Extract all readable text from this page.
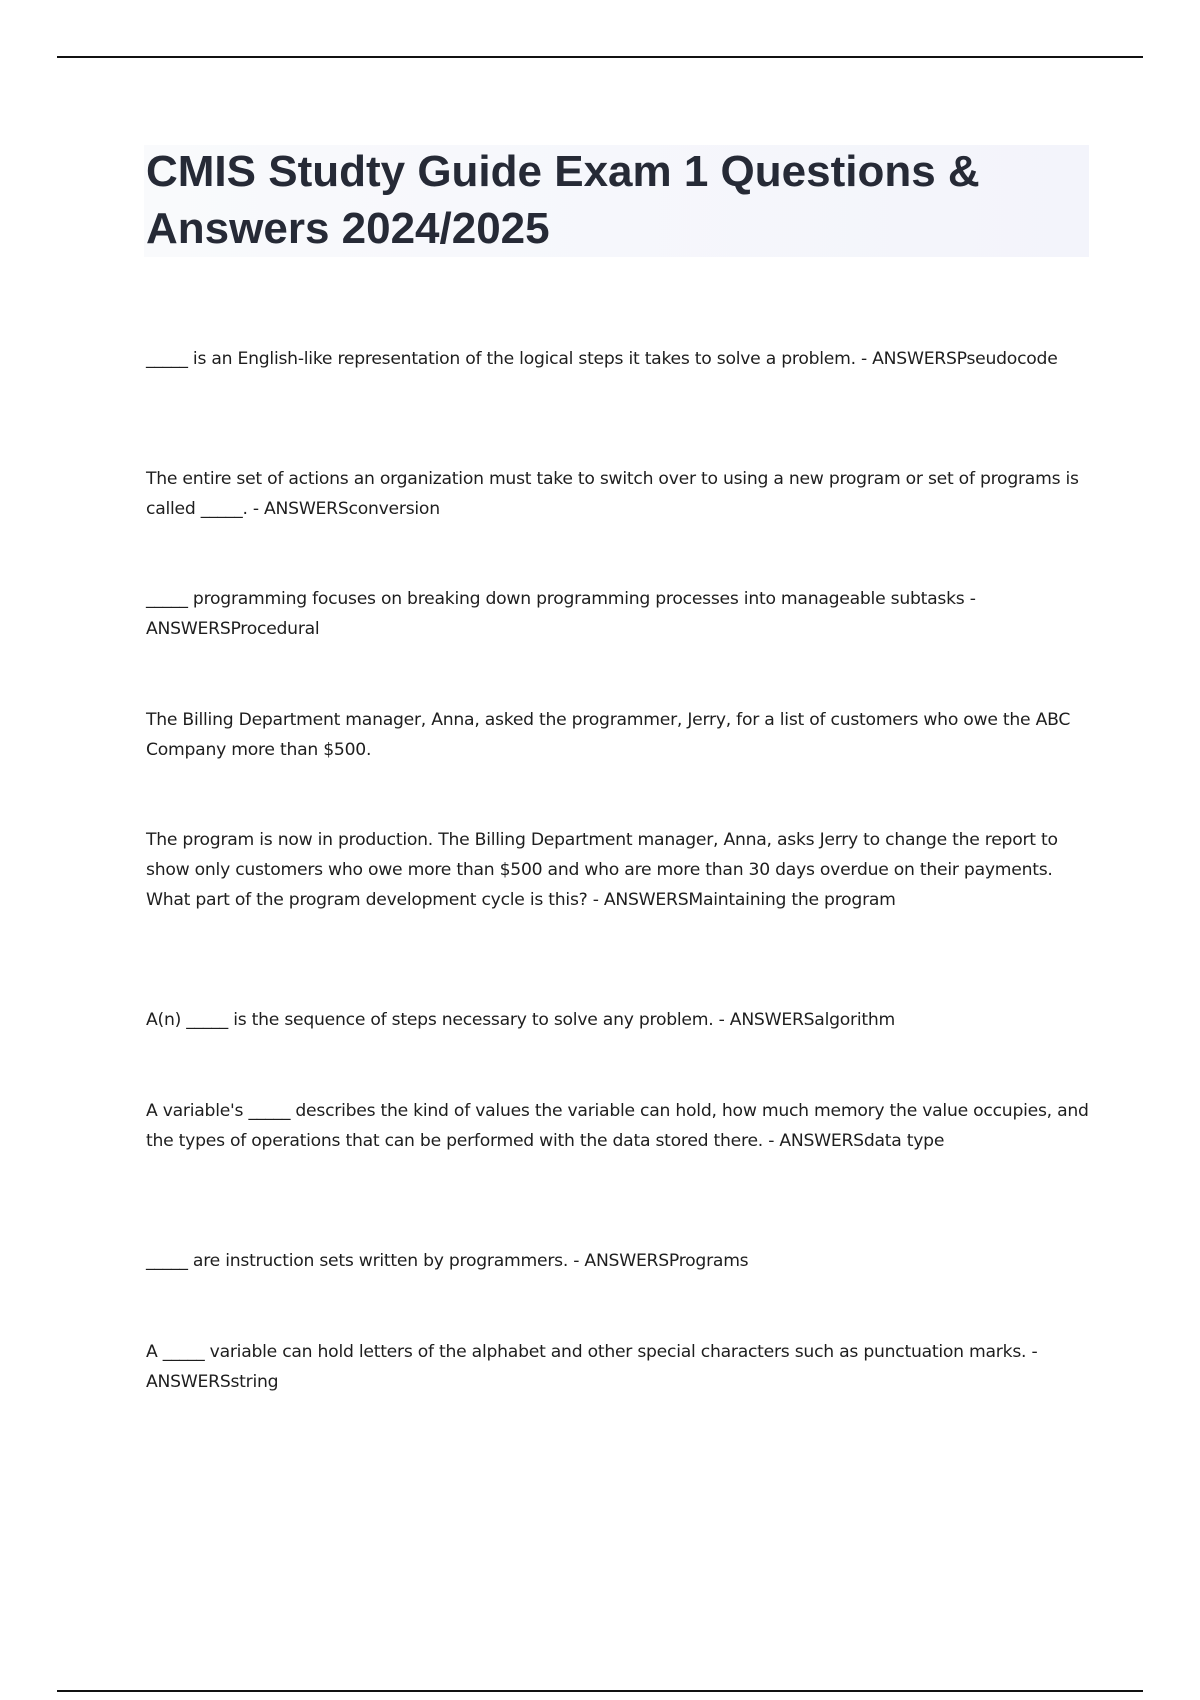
CMIS Studty Guide Exam 1 Questions & Answers 2024/2025

_____ is an English-like representation of the logical steps it takes to solve a problem. - ANSWERSPseudocode

The entire set of actions an organization must take to switch over to using a new program or set of programs is called _____. - ANSWERSconversion

_____ programming focuses on breaking down programming processes into manageable subtasks - ANSWERSProcedural

The Billing Department manager, Anna, asked the programmer, Jerry, for a list of customers who owe the ABC Company more than $500.

The program is now in production. The Billing Department manager, Anna, asks Jerry to change the report to show only customers who owe more than $500 and who are more than 30 days overdue on their payments. What part of the program development cycle is this? - ANSWERSMaintaining the program

A(n) _____ is the sequence of steps necessary to solve any problem. - ANSWERSalgorithm

A variable's _____ describes the kind of values the variable can hold, how much memory the value occupies, and the types of operations that can be performed with the data stored there. - ANSWERSdata type

_____ are instruction sets written by programmers. - ANSWERSPrograms

A _____ variable can hold letters of the alphabet and other special characters such as punctuation marks. - ANSWERSstring
